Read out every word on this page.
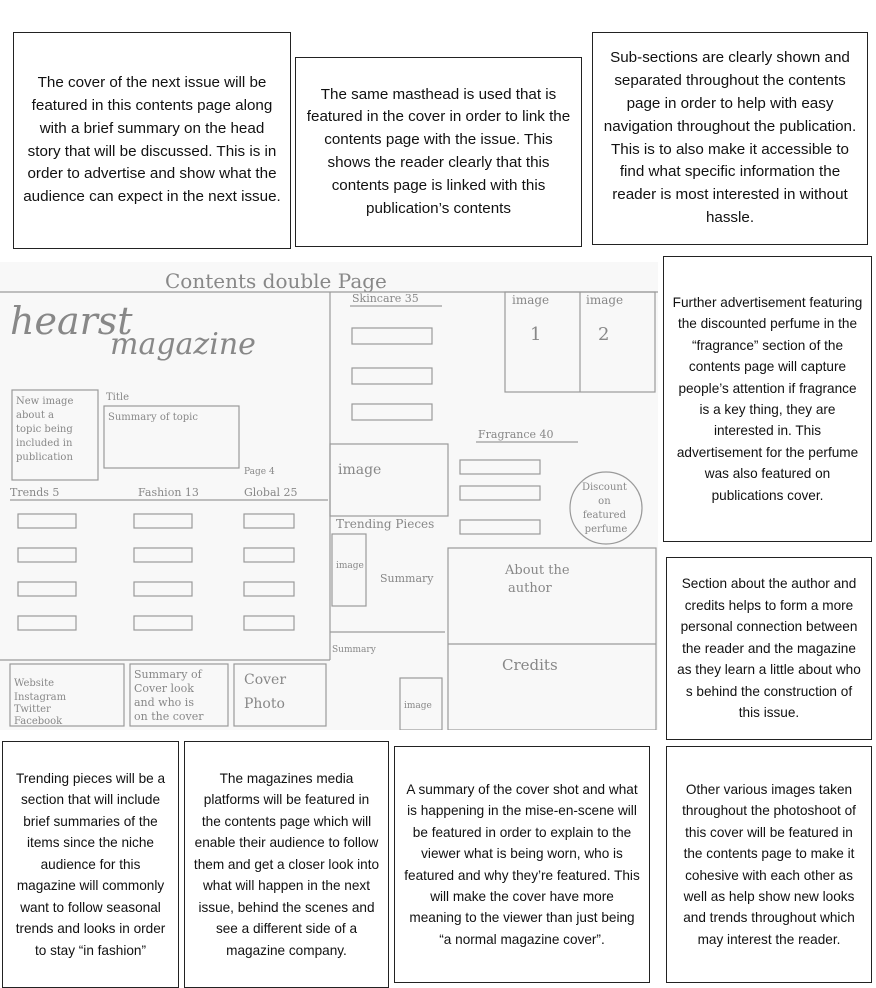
The cover of the next issue will be featured in this contents page along with a brief summary on the head story that will be discussed. This is in order to advertise and show what the audience can expect in the next issue.
The same masthead is used that is featured in the cover in order to link the contents page with the issue. This shows the reader clearly that this contents page is linked with this publication’s contents
Sub-sections are clearly shown and separated throughout the contents page in order to help with easy navigation throughout the publication. This is to also make it accessible to find what specific information the reader is most interested in without hassle.
Further advertisement featuring the discounted perfume in the “fragrance” section of the contents page will capture people’s attention if fragrance is a key thing, they are interested in. This advertisement for the perfume was also featured on publications cover.
Section about the author and credits helps to form a more personal connection between the reader and the magazine as they learn a little about who s behind the construction of this issue.
Trending pieces will be a section that will include brief summaries of the items since the niche audience for this magazine will commonly want to follow seasonal trends and looks in order to stay “in fashion”
The magazines media platforms will be featured in the contents page which will enable their audience to follow them and get a closer look into what will happen in the next issue, behind the scenes and see a different side of a magazine company.
A summary of the cover shot and what is happening in the mise-en-scene will be featured in order to explain to the viewer what is being worn, who is featured and why they’re featured. This will make the cover have more meaning to the viewer than just being “a normal magazine cover”.
Other various images taken throughout the photoshoot of this cover will be featured in the contents page to make it cohesive with each other as well as help show new looks and trends throughout which may interest the reader.
Contents double Page
hearst
magazine
New image about a topic being included in publication
Title
Summary of topic
Page 4
Trends 5	Fashion 13	Global 25
Skincare 35	image
1
image
2
Fragrance 40
image
Discount on featured perfume
Trending Pieces
image
Summary
Summary
About the author
Credits
Website Instagram Twitter Facebook
Summary of Cover look and who is on the cover
Cover Photo	image
